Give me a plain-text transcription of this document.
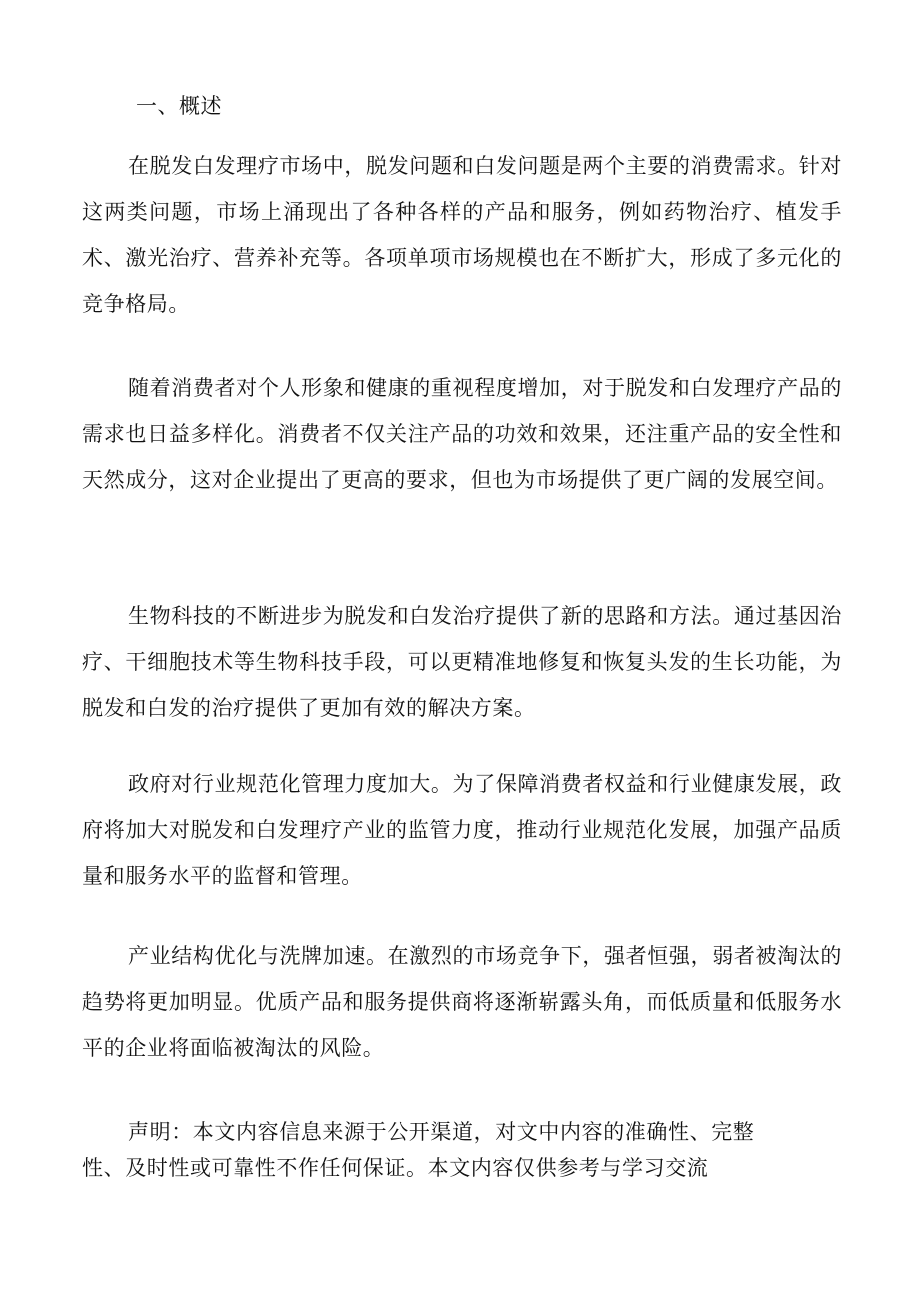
一、概述

在脱发白发理疗市场中，脱发问题和白发问题是两个主要的消费需求。针对这两类问题，市场上涌现出了各种各样的产品和服务，例如药物治疗、植发手术、激光治疗、营养补充等。各项单项市场规模也在不断扩大，形成了多元化的竞争格局。

随着消费者对个人形象和健康的重视程度增加，对于脱发和白发理疗产品的需求也日益多样化。消费者不仅关注产品的功效和效果，还注重产品的安全性和天然成分，这对企业提出了更高的要求，但也为市场提供了更广阔的发展空间。

生物科技的不断进步为脱发和白发治疗提供了新的思路和方法。通过基因治疗、干细胞技术等生物科技手段，可以更精准地修复和恢复头发的生长功能，为脱发和白发的治疗提供了更加有效的解决方案。

政府对行业规范化管理力度加大。为了保障消费者权益和行业健康发展，政府将加大对脱发和白发理疗产业的监管力度，推动行业规范化发展，加强产品质量和服务水平的监督和管理。

产业结构优化与洗牌加速。在激烈的市场竞争下，强者恒强，弱者被淘汰的趋势将更加明显。优质产品和服务提供商将逐渐崭露头角，而低质量和低服务水平的企业将面临被淘汰的风险。

声明：本文内容信息来源于公开渠道，对文中内容的准确性、完整性、及时性或可靠性不作任何保证。本文内容仅供参考与学习交流
